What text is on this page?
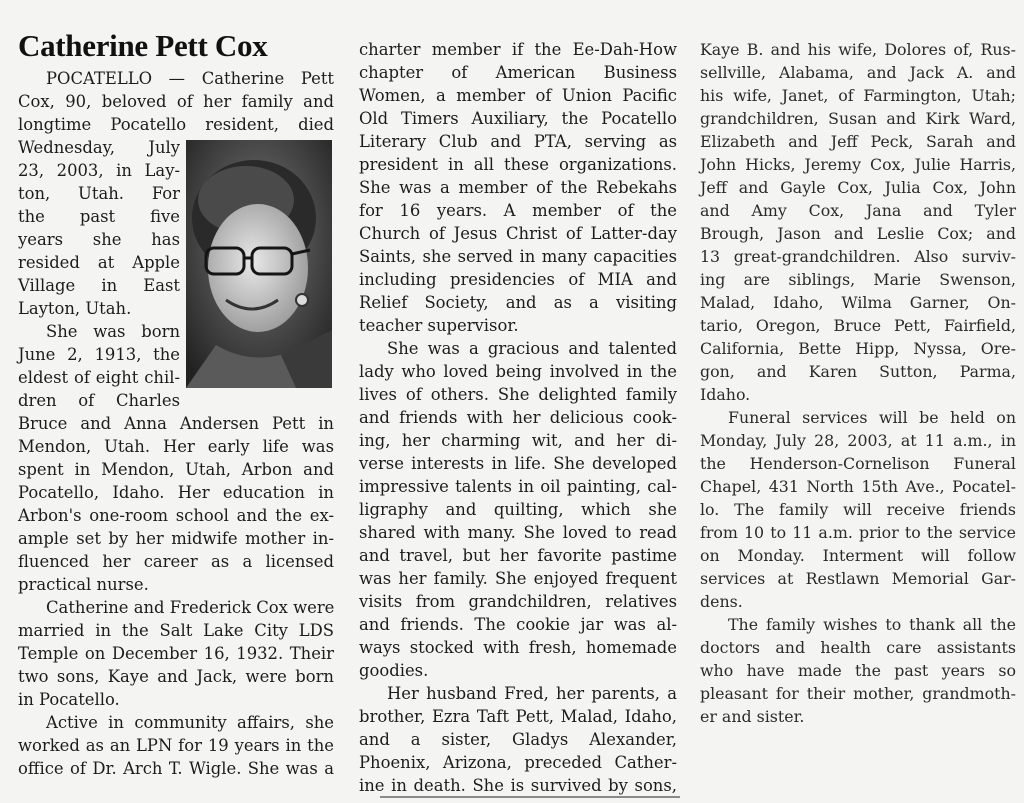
Catherine Pett Cox
POCATELLO — Catherine Pett
Cox, 90, beloved of her family and
longtime Pocatello resident, died
Wednesday, July
23, 2003, in Lay-
ton, Utah. For
the past five
years she has
resided at Apple
Village in East
Layton, Utah.
She was born
June 2, 1913, the
eldest of eight chil-
dren of Charles
Bruce and Anna Andersen Pett in
Mendon, Utah. Her early life was
spent in Mendon, Utah, Arbon and
Pocatello, Idaho. Her education in
Arbon's one-room school and the ex-
ample set by her midwife mother in-
fluenced her career as a licensed
practical nurse.
Catherine and Frederick Cox were
married in the Salt Lake City LDS
Temple on December 16, 1932. Their
two sons, Kaye and Jack, were born
in Pocatello.
Active in community affairs, she
worked as an LPN for 19 years in the
office of Dr. Arch T. Wigle. She was a
charter member if the Ee-Dah-How
chapter of American Business
Women, a member of Union Pacific
Old Timers Auxiliary, the Pocatello
Literary Club and PTA, serving as
president in all these organizations.
She was a member of the Rebekahs
for 16 years. A member of the
Church of Jesus Christ of Latter-day
Saints, she served in many capacities
including presidencies of MIA and
Relief Society, and as a visiting
teacher supervisor.
She was a gracious and talented
lady who loved being involved in the
lives of others. She delighted family
and friends with her delicious cook-
ing, her charming wit, and her di-
verse interests in life. She developed
impressive talents in oil painting, cal-
ligraphy and quilting, which she
shared with many. She loved to read
and travel, but her favorite pastime
was her family. She enjoyed frequent
visits from grandchildren, relatives
and friends. The cookie jar was al-
ways stocked with fresh, homemade
goodies.
Her husband Fred, her parents, a
brother, Ezra Taft Pett, Malad, Idaho,
and a sister, Gladys Alexander,
Phoenix, Arizona, preceded Cather-
ine in death. She is survived by sons,
Kaye B. and his wife, Dolores of, Rus-
sellville, Alabama, and Jack A. and
his wife, Janet, of Farmington, Utah;
grandchildren, Susan and Kirk Ward,
Elizabeth and Jeff Peck, Sarah and
John Hicks, Jeremy Cox, Julie Harris,
Jeff and Gayle Cox, Julia Cox, John
and Amy Cox, Jana and Tyler
Brough, Jason and Leslie Cox; and
13 great-grandchildren. Also surviv-
ing are siblings, Marie Swenson,
Malad, Idaho, Wilma Garner, On-
tario, Oregon, Bruce Pett, Fairfield,
California, Bette Hipp, Nyssa, Ore-
gon, and Karen Sutton, Parma,
Idaho.
Funeral services will be held on
Monday, July 28, 2003, at 11 a.m., in
the Henderson-Cornelison Funeral
Chapel, 431 North 15th Ave., Pocatel-
lo. The family will receive friends
from 10 to 11 a.m. prior to the service
on Monday. Interment will follow
services at Restlawn Memorial Gar-
dens.
The family wishes to thank all the
doctors and health care assistants
who have made the past years so
pleasant for their mother, grandmoth-
er and sister.
